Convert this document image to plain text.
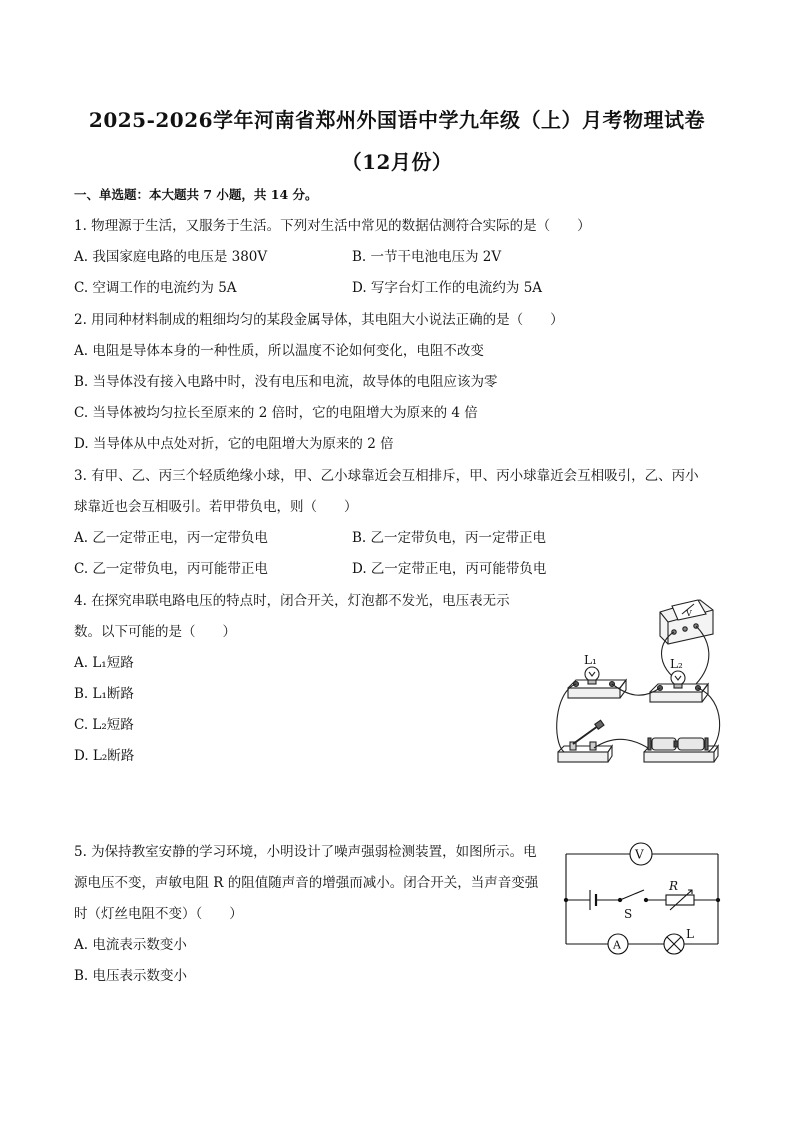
2025-2026学年河南省郑州外国语中学九年级（上）月考物理试卷
（12月份）
一、单选题：本大题共 7 小题，共 14 分。
1. 物理源于生活，又服务于生活。下列对生活中常见的数据估测符合实际的是（　　）
A. 我国家庭电路的电压是 380V	B. 一节干电池电压为 2V
C. 空调工作的电流约为 5A	D. 写字台灯工作的电流约为 5A
2. 用同种材料制成的粗细均匀的某段金属导体，其电阻大小说法正确的是（　　）
A. 电阻是导体本身的一种性质，所以温度不论如何变化，电阻不改变
B. 当导体没有接入电路中时，没有电压和电流，故导体的电阻应该为零
C. 当导体被均匀拉长至原来的 2 倍时，它的电阻增大为原来的 4 倍
D. 当导体从中点处对折，它的电阻增大为原来的 2 倍
3. 有甲、乙、丙三个轻质绝缘小球，甲、乙小球靠近会互相排斥，甲、丙小球靠近会互相吸引，乙、丙小
球靠近也会互相吸引。若甲带负电，则（　　）
A. 乙一定带正电，丙一定带负电	B. 乙一定带负电，丙一定带正电
C. 乙一定带负电，丙可能带正电	D. 乙一定带正电，丙可能带负电
4. 在探究串联电路电压的特点时，闭合开关，灯泡都不发光，电压表无示
数。以下可能的是（　　）
A. L₁短路
B. L₁断路
C. L₂短路
D. L₂断路
L₁	L₂
V
5. 为保持教室安静的学习环境，小明设计了噪声强弱检测装置，如图所示。电
源电压不变，声敏电阻 R 的阻值随声音的增强而减小。闭合开关，当声音变强
时（灯丝电阻不变）（　　）
A. 电流表示数变小
B. 电压表示数变小
V
A
R
S
L
